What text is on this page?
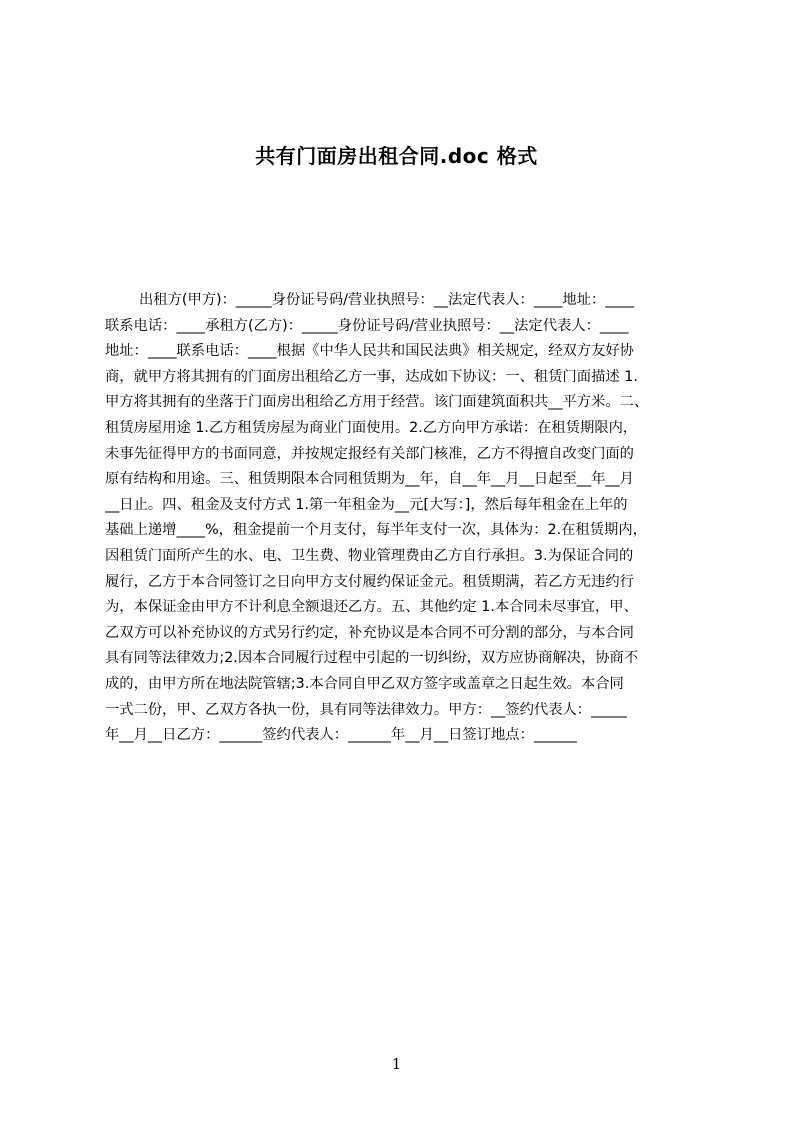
共有门面房出租合同.doc 格式
出租方(甲方)：_____身份证号码/营业执照号：__法定代表人：____地址：____
联系电话：____承租方(乙方)：_____身份证号码/营业执照号：__法定代表人：____
地址：____联系电话：____根据《中华人民共和国民法典》相关规定，经双方友好协
商，就甲方将其拥有的门面房出租给乙方一事，达成如下协议：一、租赁门面描述 1.
甲方将其拥有的坐落于门面房出租给乙方用于经营。该门面建筑面积共__平方米。二、
租赁房屋用途 1.乙方租赁房屋为商业门面使用。2.乙方向甲方承诺：在租赁期限内，
未事先征得甲方的书面同意，并按规定报经有关部门核准，乙方不得擅自改变门面的
原有结构和用途。三、租赁期限本合同租赁期为__年，自__年__月__日起至__年__月
__日止。四、租金及支付方式 1.第一年租金为__元[大写：]，然后每年租金在上年的
基础上递增____%，租金提前一个月支付，每半年支付一次，具体为：2.在租赁期内，
因租赁门面所产生的水、电、卫生费、物业管理费由乙方自行承担。3.为保证合同的
履行，乙方于本合同签订之日向甲方支付履约保证金元。租赁期满，若乙方无违约行
为，本保证金由甲方不计利息全额退还乙方。五、其他约定 1.本合同未尽事宜，甲、
乙双方可以补充协议的方式另行约定，补充协议是本合同不可分割的部分，与本合同
具有同等法律效力;2.因本合同履行过程中引起的一切纠纷，双方应协商解决，协商不
成的，由甲方所在地法院管辖;3.本合同自甲乙双方签字或盖章之日起生效。本合同
一式二份，甲、乙双方各执一份，具有同等法律效力。甲方：__签约代表人：_____
年__月__日乙方：______签约代表人：______年__月__日签订地点：______
1
